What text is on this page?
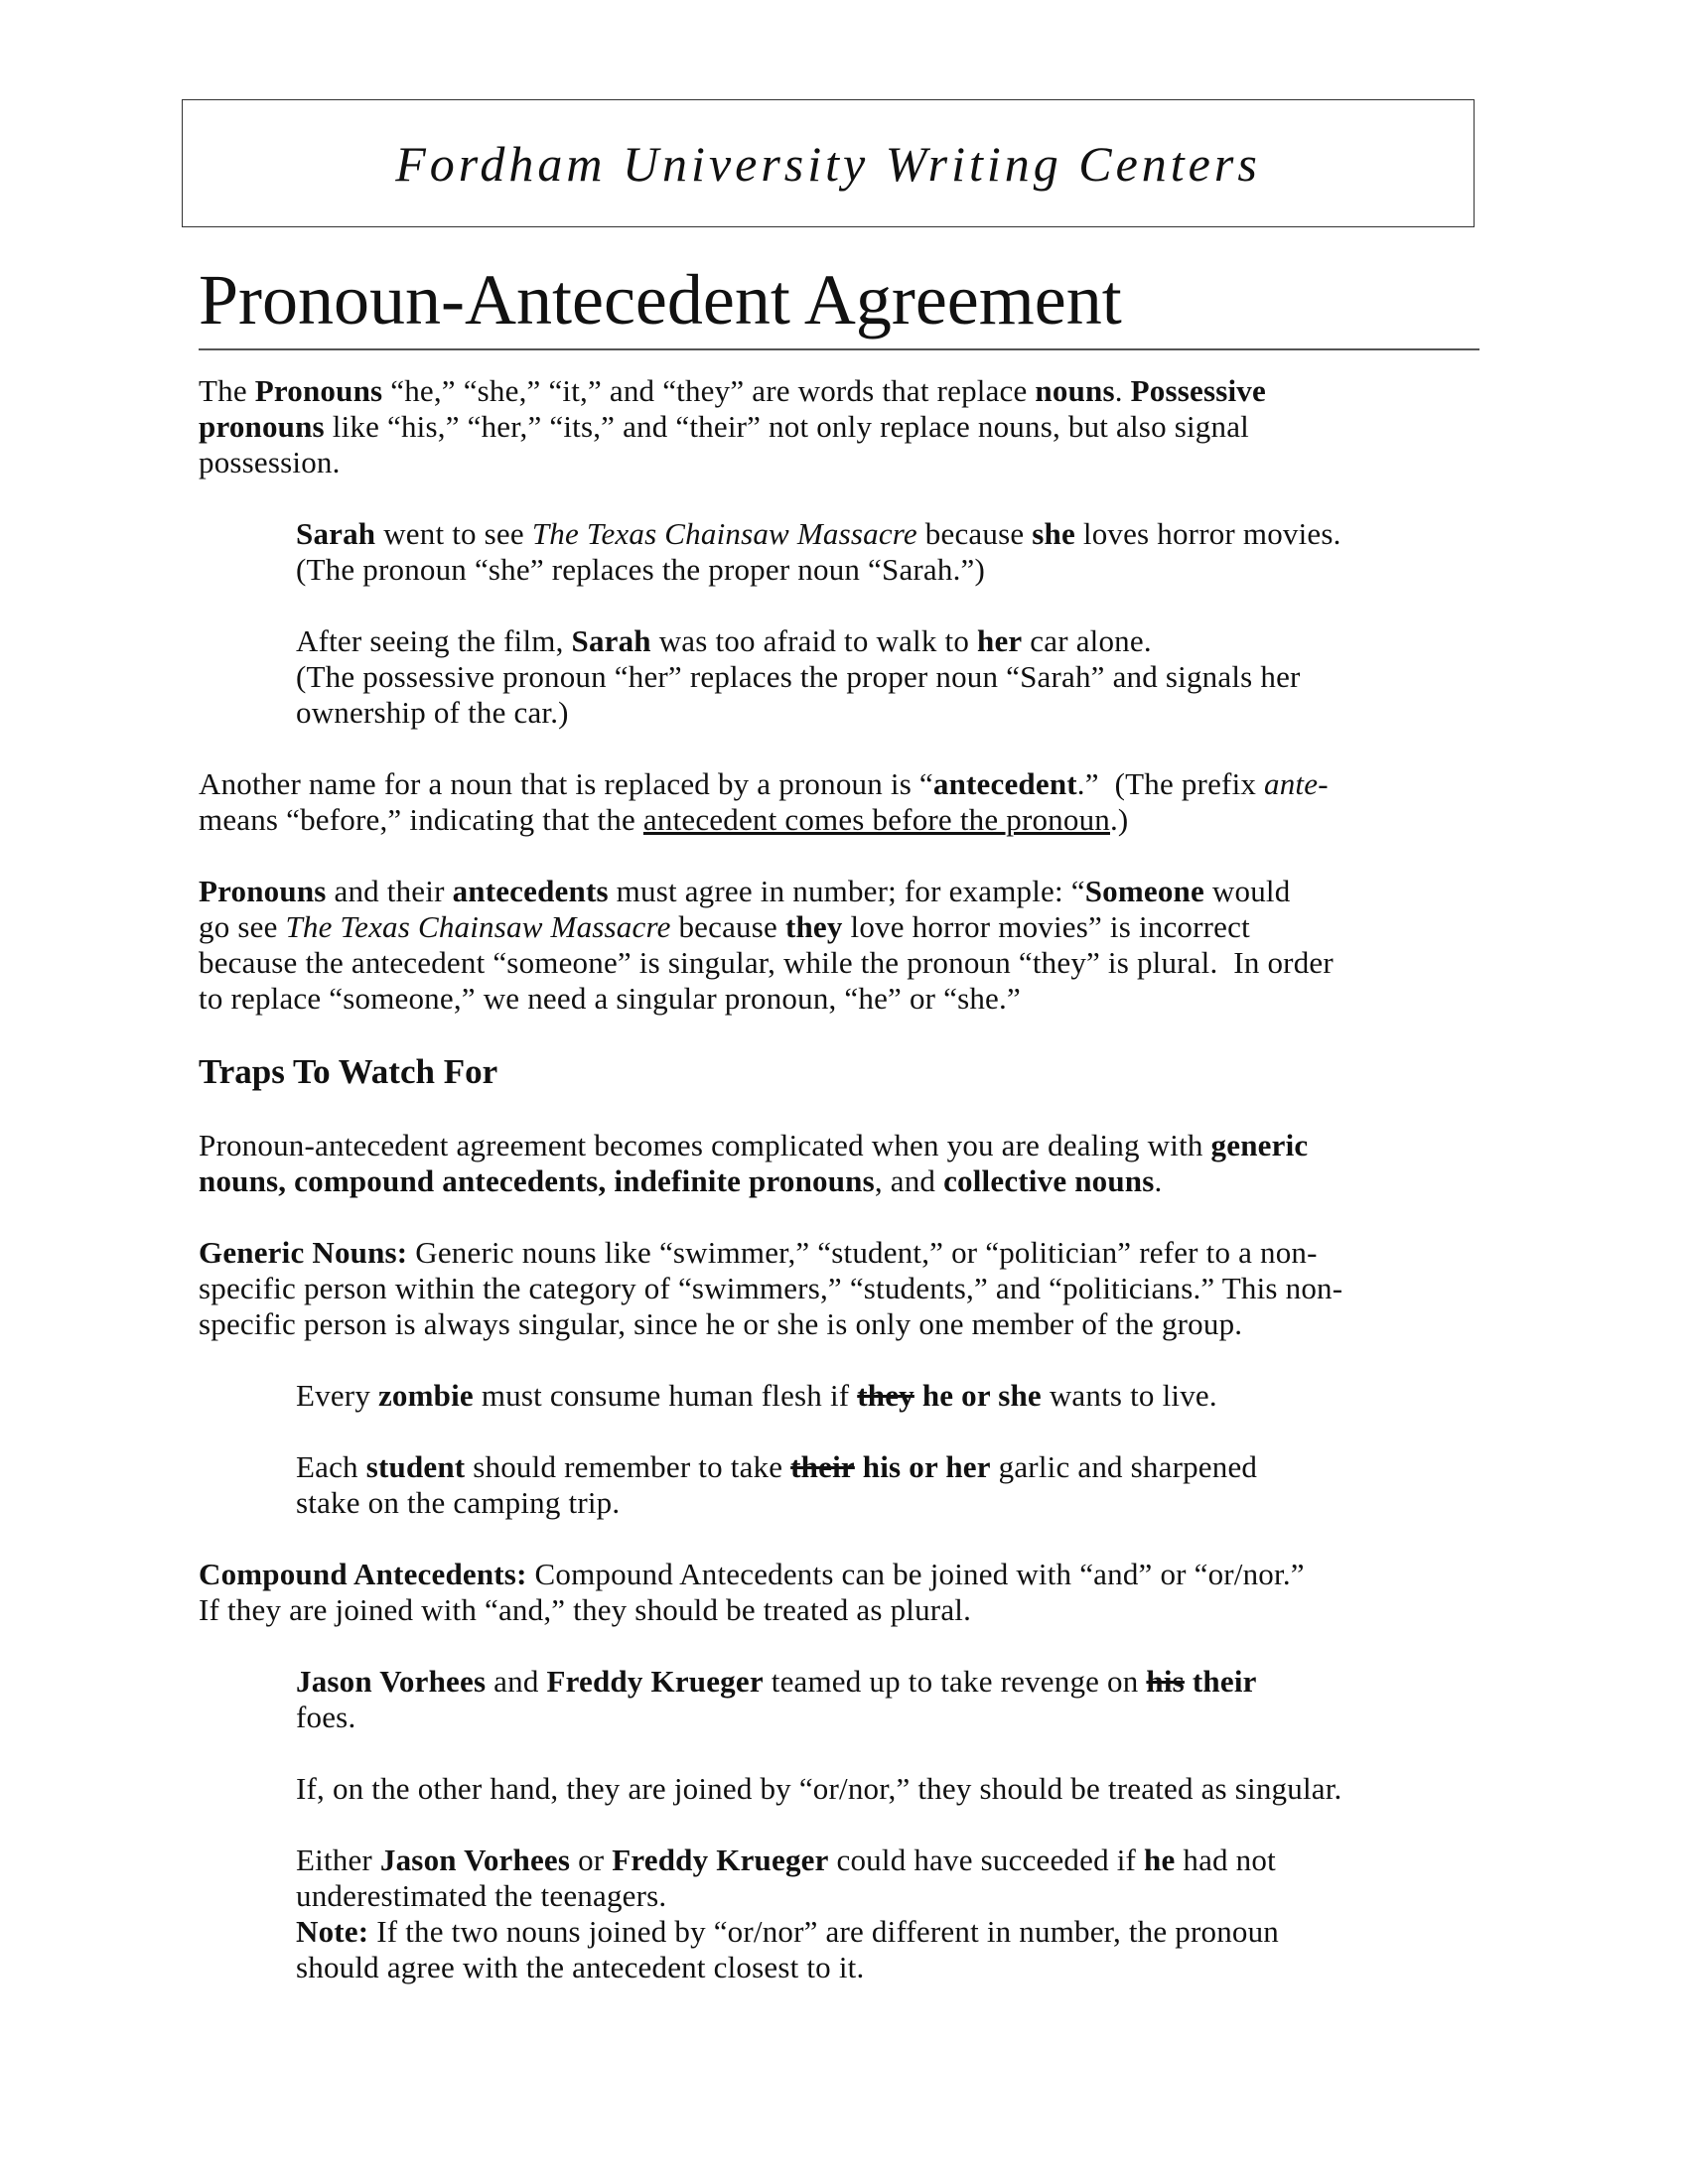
Fordham University Writing Centers
Pronoun-Antecedent Agreement
The Pronouns “he,” “she,” “it,” and “they” are words that replace nouns. Possessive
pronouns like “his,” “her,” “its,” and “their” not only replace nouns, but also signal
possession.
Sarah went to see The Texas Chainsaw Massacre because she loves horror movies.
(The pronoun “she” replaces the proper noun “Sarah.”)
After seeing the film, Sarah was too afraid to walk to her car alone.
(The possessive pronoun “her” replaces the proper noun “Sarah” and signals her
ownership of the car.)
Another name for a noun that is replaced by a pronoun is “antecedent.”  (The prefix ante-
means “before,” indicating that the antecedent comes before the pronoun.)
Pronouns and their antecedents must agree in number; for example: “Someone would
go see The Texas Chainsaw Massacre because they love horror movies” is incorrect
because the antecedent “someone” is singular, while the pronoun “they” is plural.  In order
to replace “someone,” we need a singular pronoun, “he” or “she.”
Traps To Watch For
Pronoun-antecedent agreement becomes complicated when you are dealing with generic
nouns, compound antecedents, indefinite pronouns, and collective nouns.
Generic Nouns: Generic nouns like “swimmer,” “student,” or “politician” refer to a non-
specific person within the category of “swimmers,” “students,” and “politicians.” This non-
specific person is always singular, since he or she is only one member of the group.
Every zombie must consume human flesh if they he or she wants to live.
Each student should remember to take their his or her garlic and sharpened
stake on the camping trip.
Compound Antecedents: Compound Antecedents can be joined with “and” or “or/nor.”
If they are joined with “and,” they should be treated as plural.
Jason Vorhees and Freddy Krueger teamed up to take revenge on his their
foes.
If, on the other hand, they are joined by “or/nor,” they should be treated as singular.
Either Jason Vorhees or Freddy Krueger could have succeeded if he had not
underestimated the teenagers.
Note: If the two nouns joined by “or/nor” are different in number, the pronoun
should agree with the antecedent closest to it.
